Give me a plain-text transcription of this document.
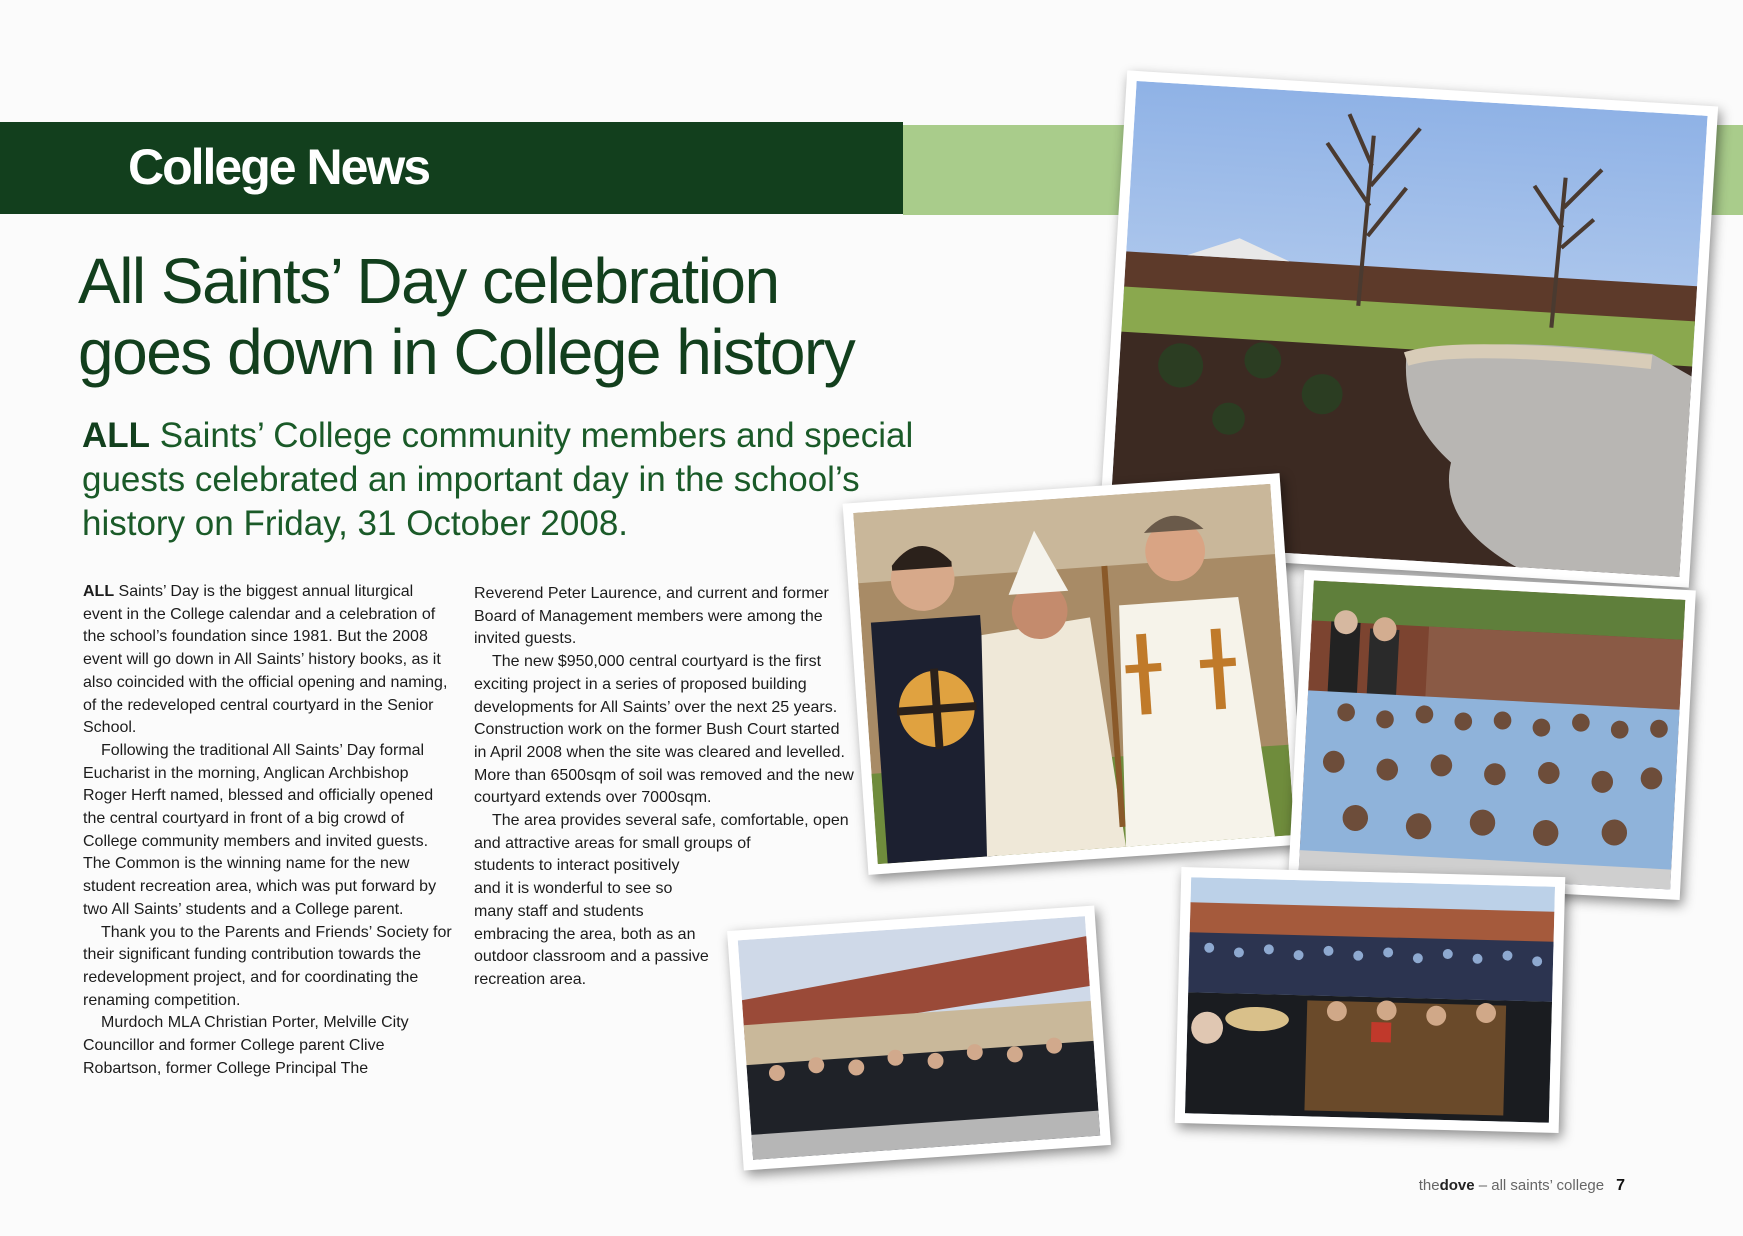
College News
All Saints’ Day celebration
goes down in College history

ALL Saints’ College community members and special guests celebrated an important day in the school’s history on Friday, 31 October 2008.

ALL Saints’ Day is the biggest annual liturgical event in the College calendar and a celebration of the school’s foundation since 1981. But the 2008 event will go down in All Saints’ history books, as it also coincided with the official opening and naming, of the redeveloped central courtyard in the Senior School.

Following the traditional All Saints’ Day formal Eucharist in the morning, Anglican Archbishop Roger Herft named, blessed and officially opened the central courtyard in front of a big crowd of College community members and invited guests. The Common is the winning name for the new student recreation area, which was put forward by two All Saints’ students and a College parent.

Thank you to the Parents and Friends’ Society for their significant funding contribution towards the redevelopment project, and for coordinating the renaming competition.

Murdoch MLA Christian Porter, Melville City Councillor and former College parent Clive Robartson, former College Principal The

Reverend Peter Laurence, and current and former Board of Management members were among the invited guests.

The new $950,000 central courtyard is the first exciting project in a series of proposed building developments for All Saints’ over the next 25 years. Construction work on the former Bush Court started in April 2008 when the site was cleared and levelled. More than 6500sqm of soil was removed and the new courtyard extends over 7000sqm.

The area provides several safe, comfortable, open and attractive areas for small groups of

students to interact positively and it is wonderful to see so many staff and students embracing the area, both as an outdoor classroom and a passive recreation area.

thedove – all saints’ college 7
